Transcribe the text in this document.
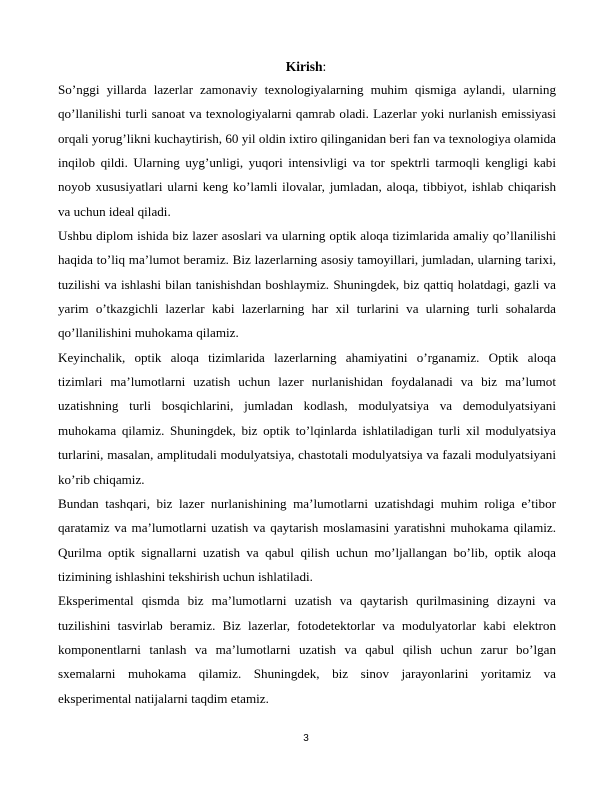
Kirish:

So’nggi yillarda lazerlar zamonaviy texnologiyalarning muhim qismiga aylandi, ularning qo’llanilishi turli sanoat va texnologiyalarni qamrab oladi. Lazerlar yoki nurlanish emissiyasi orqali yorug’likni kuchaytirish, 60 yil oldin ixtiro qilinganidan beri fan va texnologiya olamida inqilob qildi. Ularning uyg’unligi, yuqori intensivligi va tor spektrli tarmoqli kengligi kabi noyob xususiyatlari ularni keng ko’lamli ilovalar, jumladan, aloqa, tibbiyot, ishlab chiqarish va uchun ideal qiladi.

Ushbu diplom ishida biz lazer asoslari va ularning optik aloqa tizimlarida amaliy qo’llanilishi haqida to’liq ma’lumot beramiz. Biz lazerlarning asosiy tamoyillari, jumladan, ularning tarixi, tuzilishi va ishlashi bilan tanishishdan boshlaymiz. Shuningdek, biz qattiq holatdagi, gazli va yarim o’tkazgichli lazerlar kabi lazerlarning har xil turlarini va ularning turli sohalarda qo’llanilishini muhokama qilamiz.

Keyinchalik, optik aloqa tizimlarida lazerlarning ahamiyatini o’rganamiz. Optik aloqa tizimlari ma’lumotlarni uzatish uchun lazer nurlanishidan foydalanadi va biz ma’lumot uzatishning turli bosqichlarini, jumladan kodlash, modulyatsiya va demodulyatsiyani muhokama qilamiz. Shuningdek, biz optik to’lqinlarda ishlatiladigan turli xil modulyatsiya turlarini, masalan, amplitudali modulyatsiya, chastotali modulyatsiya va fazali modulyatsiyani ko’rib chiqamiz.

Bundan tashqari, biz lazer nurlanishining ma’lumotlarni uzatishdagi muhim roliga e’tibor qaratamiz va ma’lumotlarni uzatish va qaytarish moslamasini yaratishni muhokama qilamiz. Qurilma optik signallarni uzatish va qabul qilish uchun mo’ljallangan bo’lib, optik aloqa tizimining ishlashini tekshirish uchun ishlatiladi.

Eksperimental qismda biz ma’lumotlarni uzatish va qaytarish qurilmasining dizayni va tuzilishini tasvirlab beramiz. Biz lazerlar, fotodetektorlar va modulyatorlar kabi elektron komponentlarni tanlash va ma’lumotlarni uzatish va qabul qilish uchun zarur bo’lgan sxemalarni muhokama qilamiz. Shuningdek, biz sinov jarayonlarini yoritamiz va eksperimental natijalarni taqdim etamiz.

3
